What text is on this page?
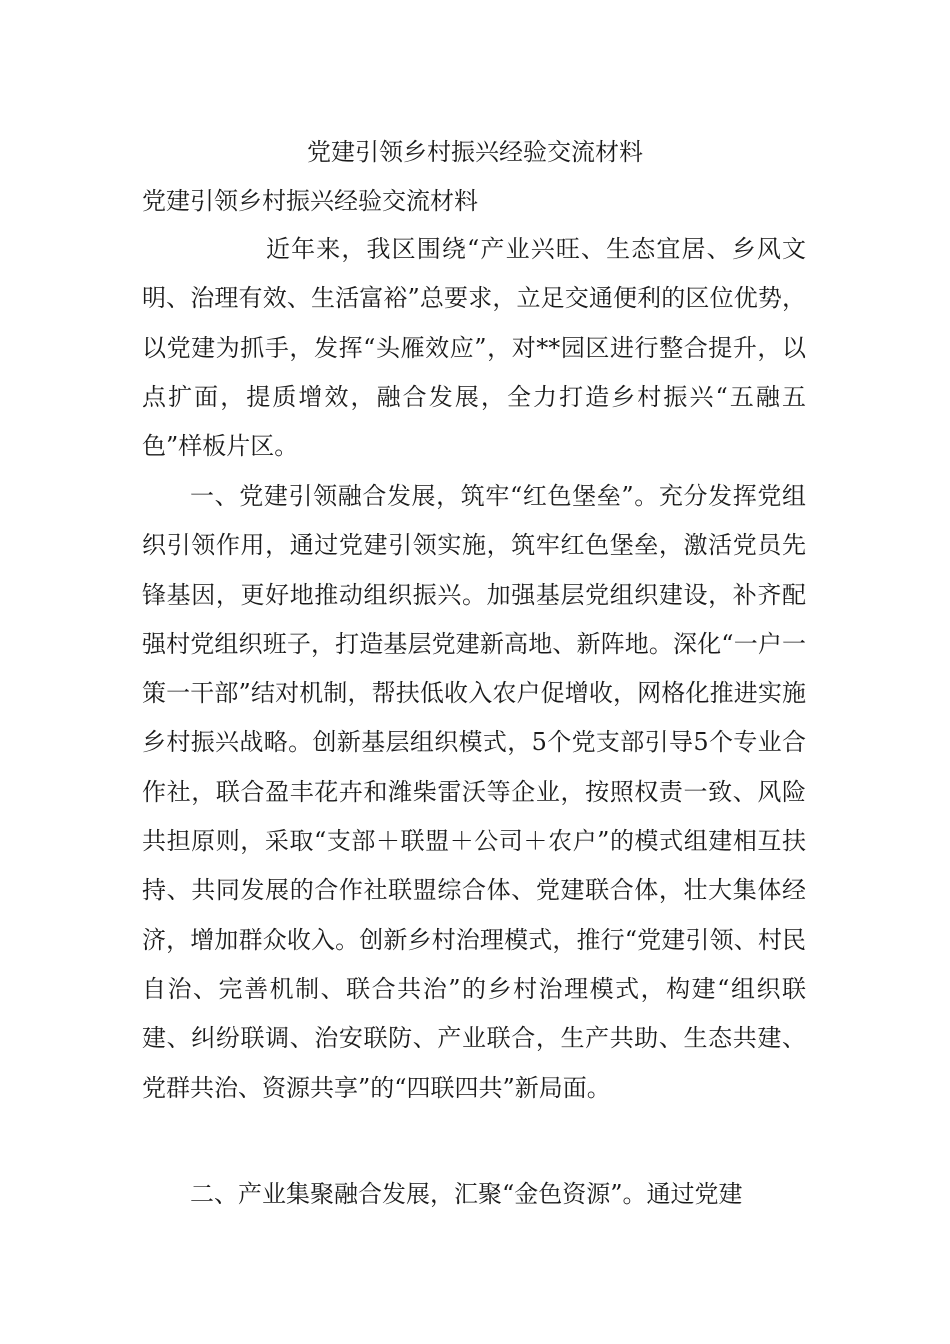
党建引领乡村振兴经验交流材料
党建引领乡村振兴经验交流材料

近年来，我区围绕“产业兴旺、生态宜居、乡风文明、治理有效、生活富裕”总要求，立足交通便利的区位优势，以党建为抓手，发挥“头雁效应”，对**园区进行整合提升，以点扩面，提质增效，融合发展，全力打造乡村振兴“五融五色”样板片区。

一、党建引领融合发展，筑牢“红色堡垒”。充分发挥党组织引领作用，通过党建引领实施，筑牢红色堡垒，激活党员先锋基因，更好地推动组织振兴。加强基层党组织建设，补齐配强村党组织班子，打造基层党建新高地、新阵地。深化“一户一策一干部”结对机制，帮扶低收入农户促增收，网格化推进实施乡村振兴战略。创新基层组织模式，5个党支部引导5个专业合作社，联合盈丰花卉和潍柴雷沃等企业，按照权责一致、风险共担原则，采取“支部＋联盟＋公司＋农户”的模式组建相互扶持、共同发展的合作社联盟综合体、党建联合体，壮大集体经济，增加群众收入。创新乡村治理模式，推行“党建引领、村民自治、完善机制、联合共治”的乡村治理模式，构建“组织联建、纠纷联调、治安联防、产业联合，生产共助、生态共建、党群共治、资源共享”的“四联四共”新局面。

二、产业集聚融合发展，汇聚“金色资源”。通过党建
